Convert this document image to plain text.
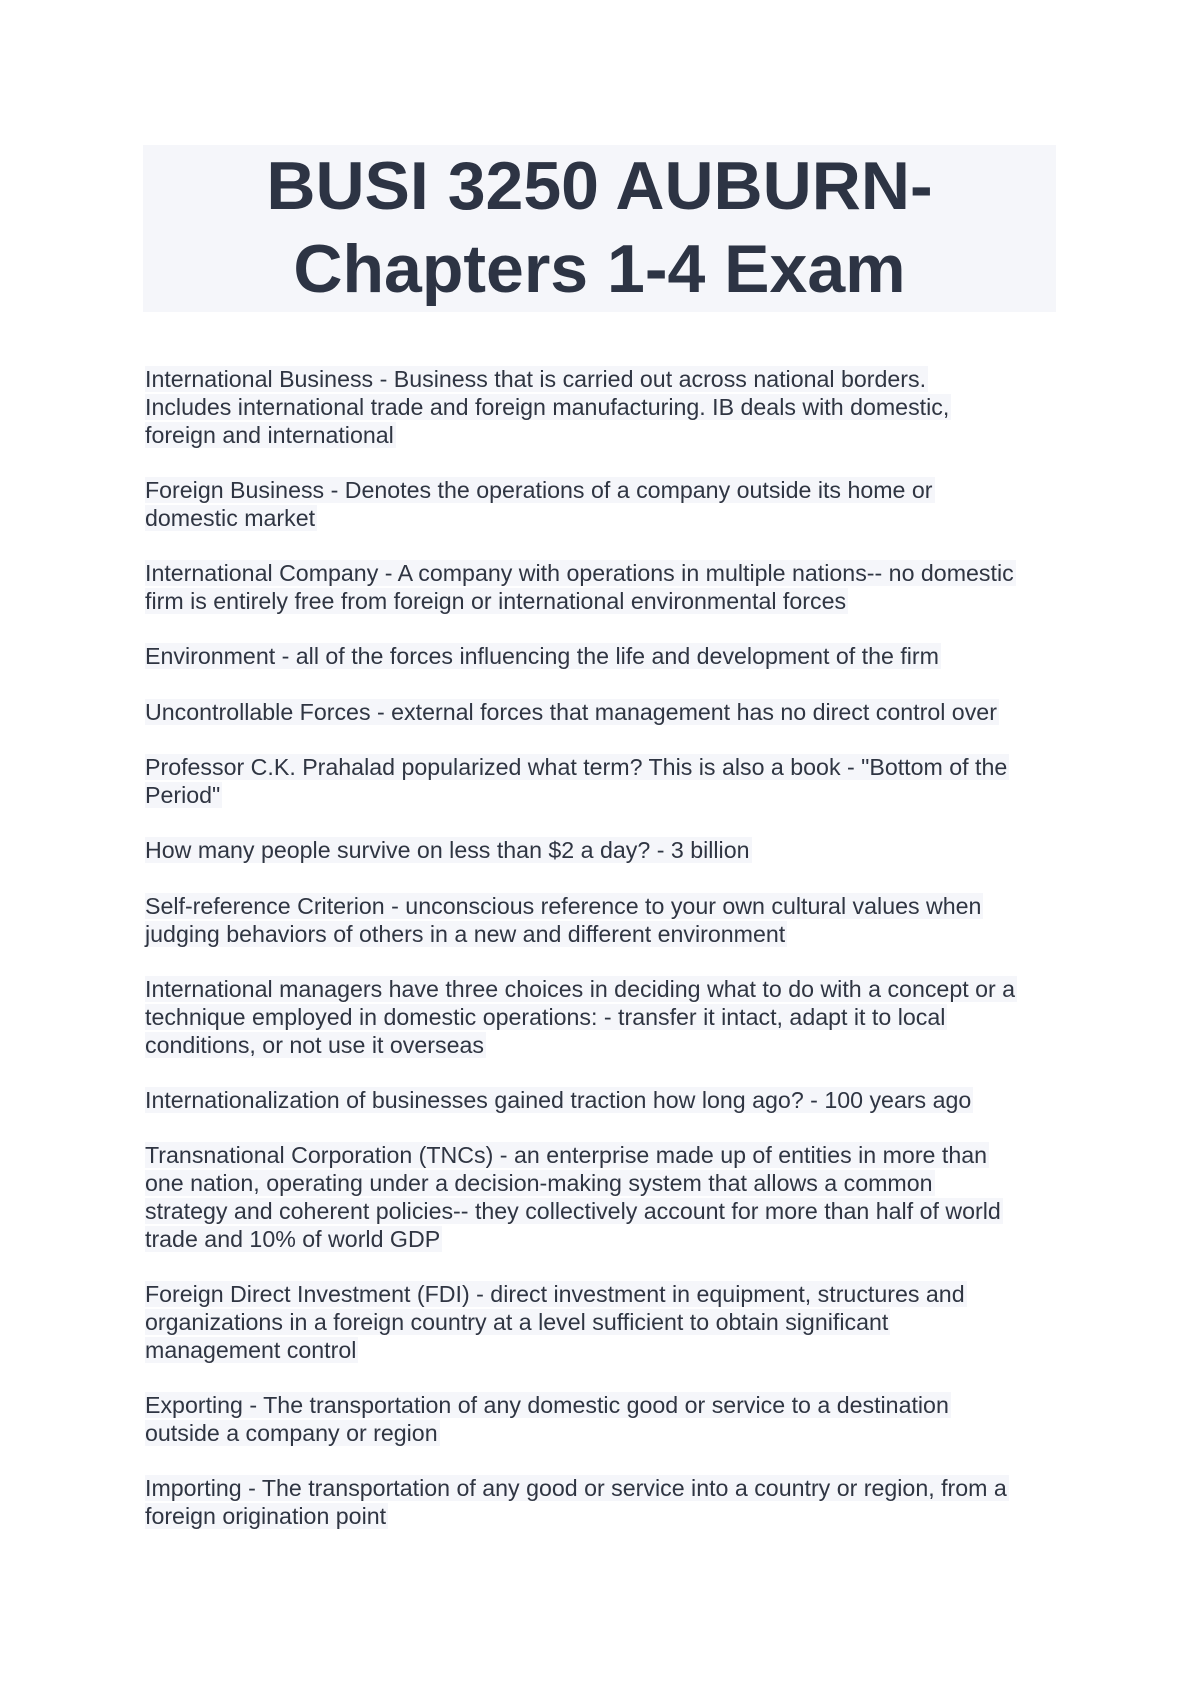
BUSI 3250 AUBURN-
Chapters 1-4 Exam
International Business - Business that is carried out across national borders.
Includes international trade and foreign manufacturing. IB deals with domestic,
foreign and international
Foreign Business - Denotes the operations of a company outside its home or
domestic market
International Company - A company with operations in multiple nations-- no domestic
firm is entirely free from foreign or international environmental forces
Environment - all of the forces influencing the life and development of the firm
Uncontrollable Forces - external forces that management has no direct control over
Professor C.K. Prahalad popularized what term? This is also a book - "Bottom of the
Period"
How many people survive on less than $2 a day? - 3 billion
Self-reference Criterion - unconscious reference to your own cultural values when
judging behaviors of others in a new and different environment
International managers have three choices in deciding what to do with a concept or a
technique employed in domestic operations: - transfer it intact, adapt it to local
conditions, or not use it overseas
Internationalization of businesses gained traction how long ago? - 100 years ago
Transnational Corporation (TNCs) - an enterprise made up of entities in more than
one nation, operating under a decision-making system that allows a common
strategy and coherent policies-- they collectively account for more than half of world
trade and 10% of world GDP
Foreign Direct Investment (FDI) - direct investment in equipment, structures and
organizations in a foreign country at a level sufficient to obtain significant
management control
Exporting - The transportation of any domestic good or service to a destination
outside a company or region
Importing - The transportation of any good or service into a country or region, from a
foreign origination point
